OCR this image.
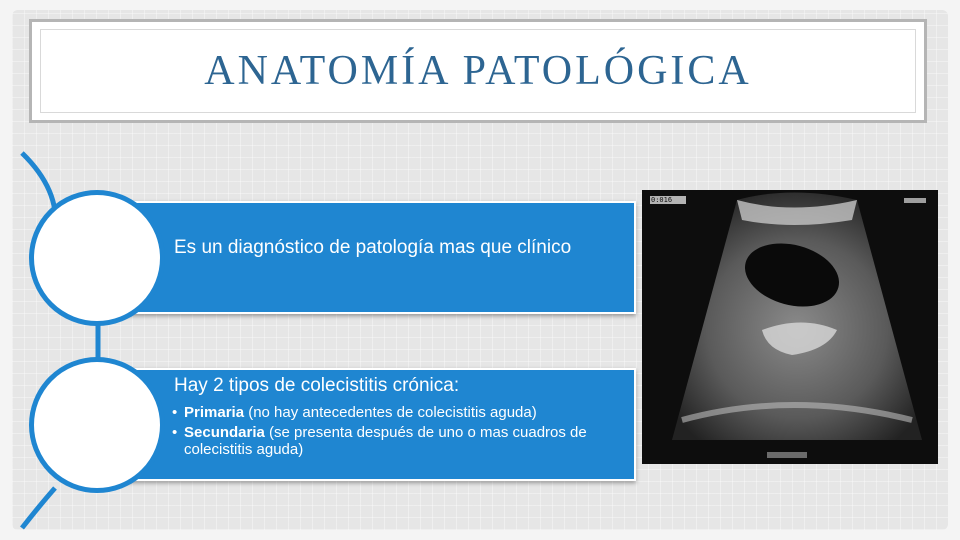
ANATOMÍA PATOLÓGICA
Es un diagnóstico de patología mas que clínico
Hay 2 tipos de colecistitis crónica:
• Primaria (no hay antecedentes de colecistitis aguda)
• Secundaria (se presenta después de uno o mas cuadros de colecistitis aguda)
0:016
